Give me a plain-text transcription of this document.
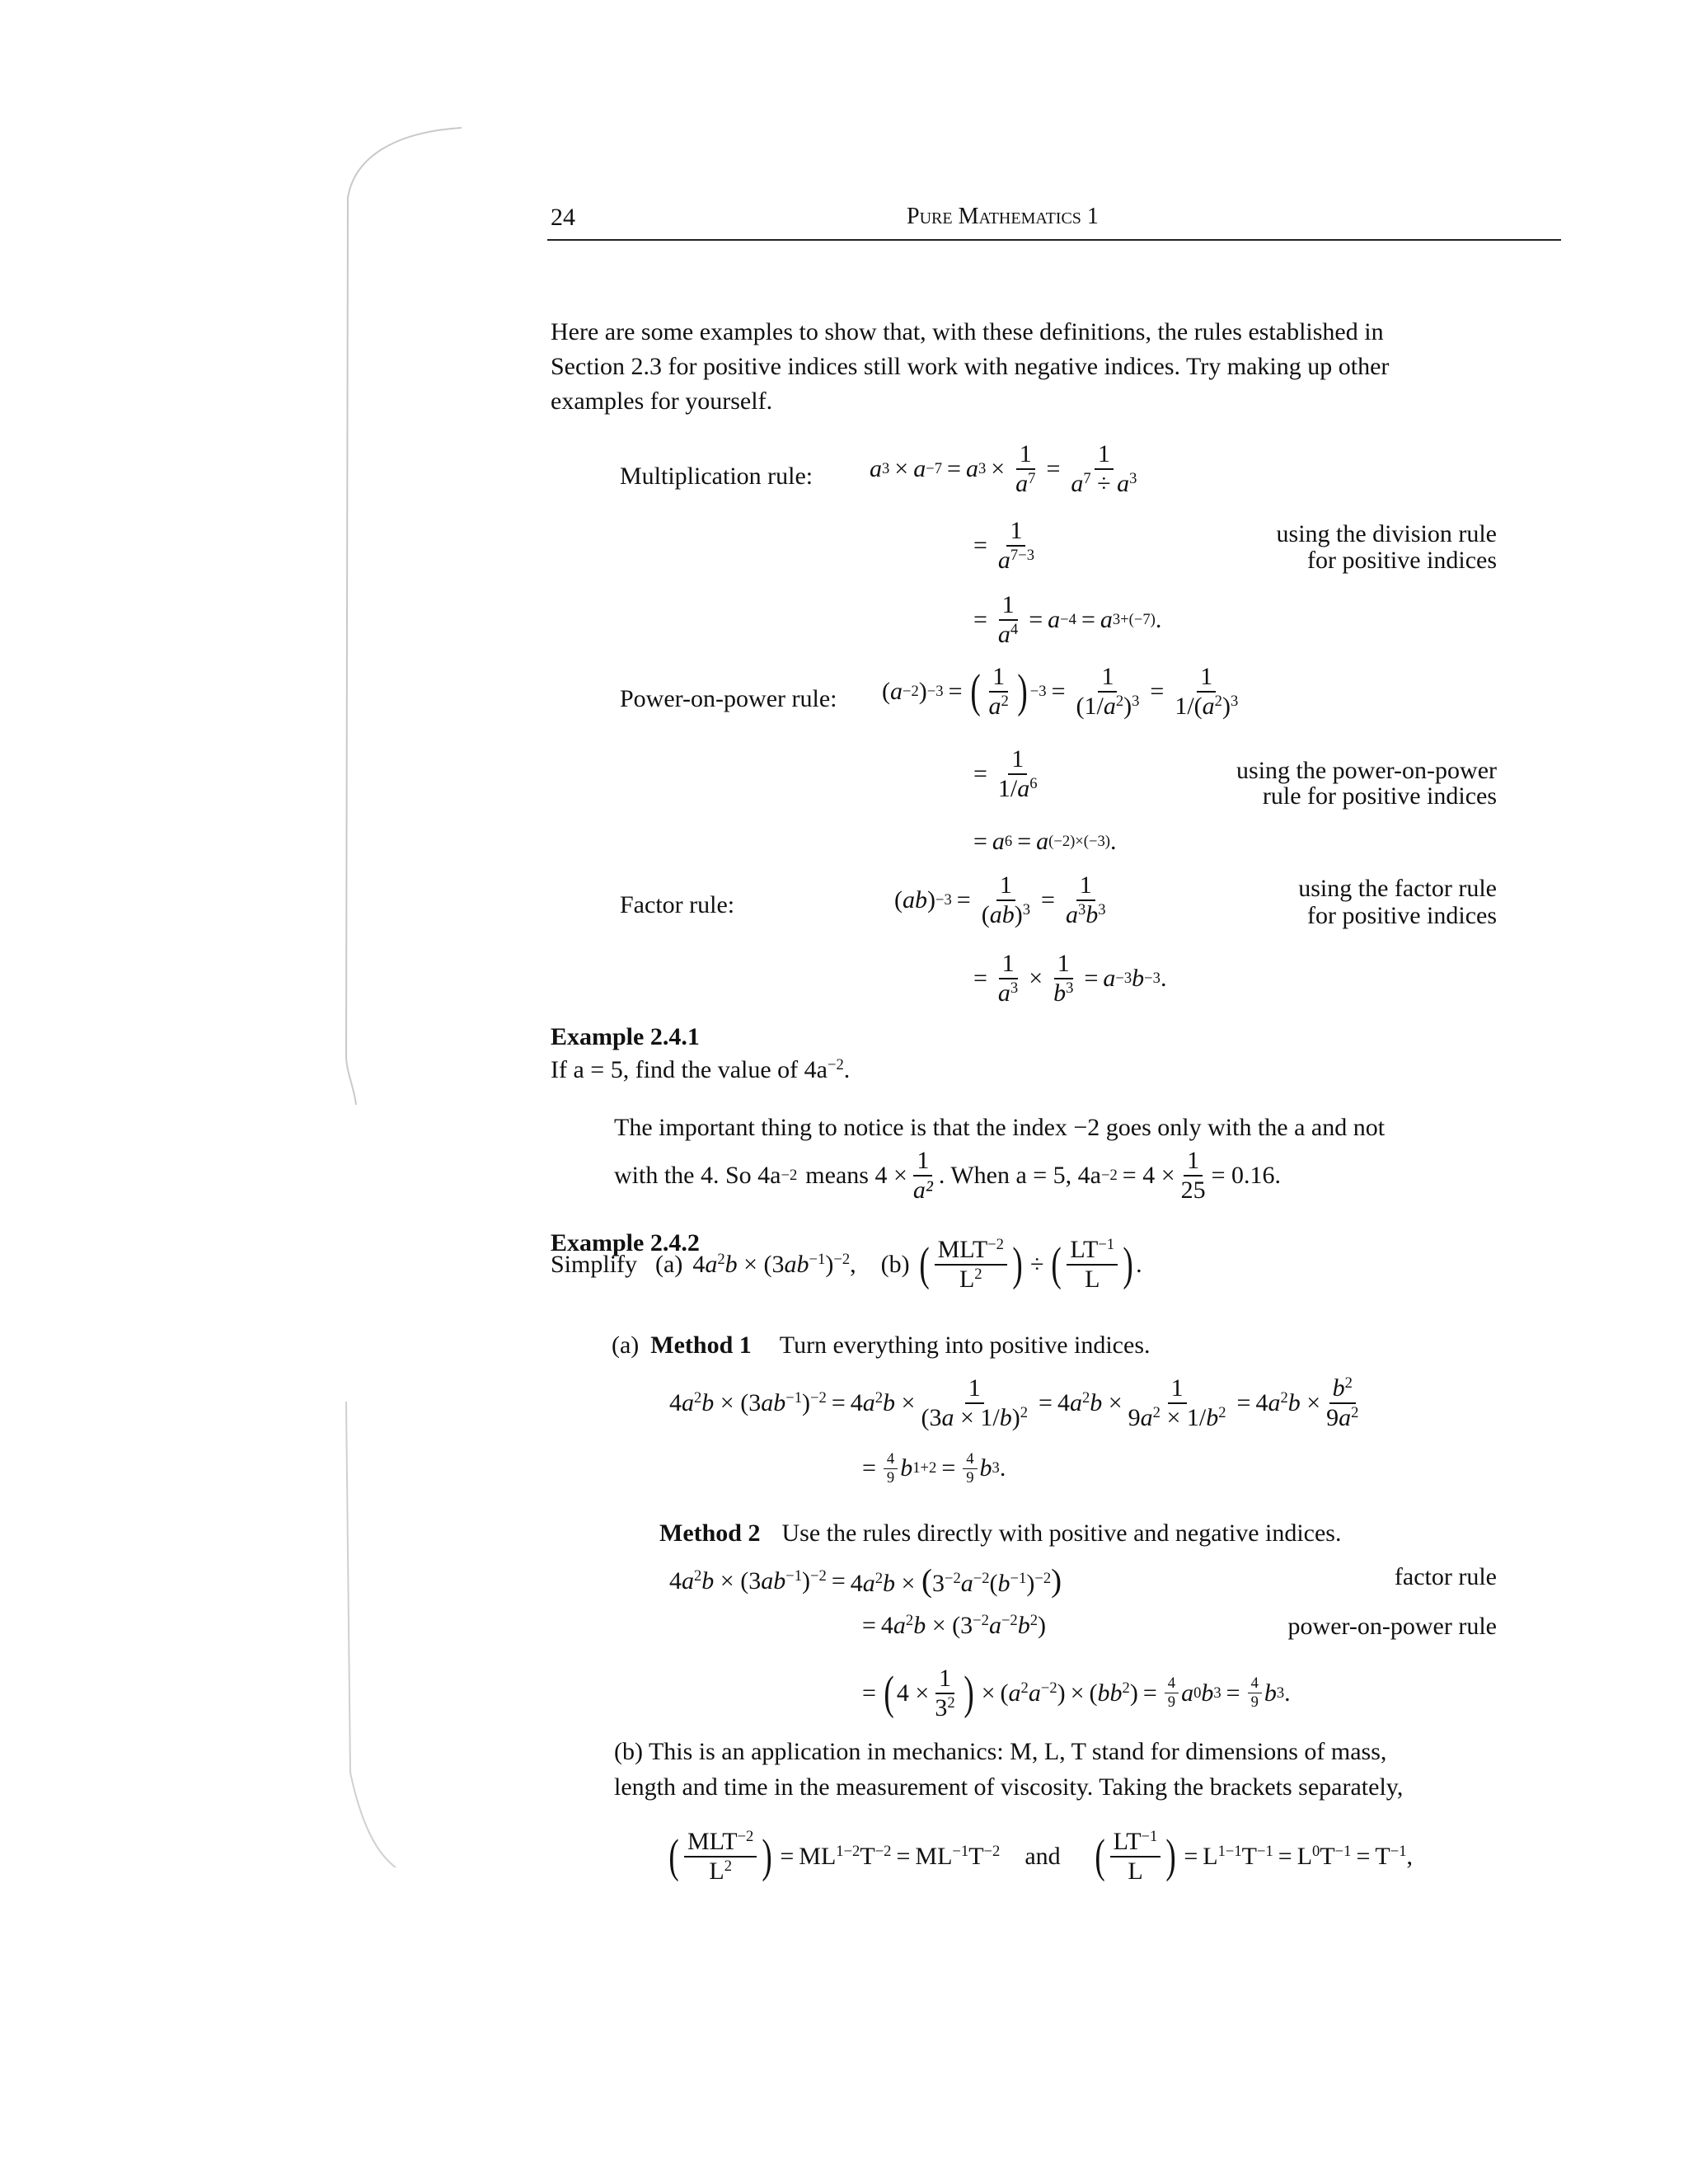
24	Pure Mathematics 1
Here are some examples to show that, with these definitions, the rules established in
Section 2.3 for positive indices still work with negative indices. Try making up other
examples for yourself.
Multiplication rule: a 3 × a −7 = a $3 \times \frac{1}{a^7} = \frac{1}{a^7 \div a^3}$
= $\frac{1}{a^{7-3}}$	using the division rule
for positive indices
= $\frac{1}{a^4} = a -4 = a$ 3+(−7) .
Power-on-power rule: ( a −2 ) −3 = ( $\frac{1}{a^2}$ ) $-3 = \frac{1}{(1/a^2)^3} = \frac{1}{1/(a^2)^3}$
= $\frac{1}{1/a^6}$	using the power-on-power
rule for positive indices
= a 6 = a (−2)×(−3) .
Factor rule:	( ab ) $-3 = \frac{1}{(ab)^3} = \frac{1}{a^3b^3}$	using the factor rule
for positive indices
= $\frac{1}{a^3} \times \frac{1}{b^3} = a -3$ b −3 .
Example 2.4.1
If a = 5, find the value of $4a^{-2}$.
The important thing to notice is that the index −2 goes only with the a and not
with the 4. So 4a −2 means $4 \times \frac{1}{\text{a²}}$ . When a = 5, $4a -2 = 4 \times \frac{1}{25} = 0.16$.
Example 2.4.2
Simplify (a) $4a^2b \times (3ab^{-1})^{-2}$, (b) ( $\frac{MLT^{-2}}{L^2}$ ) ÷ ( $\frac{LT^{-1}}{L}$ ) .
(a) Method 1 Turn everything into positive indices.
$4a^2b \times (3ab^{-1})^{-2} = 4a^2b \times \frac{1}{(3a \times 1/b)^2} = 4a^2b \times \frac{1}{9a^2 \times 1/b^2} = 4a^2b \times \frac{b^2}{9a^2}$
= $\frac{4}{9}$ b $1+2 = \frac{4}{9}$ b 3 .
Method 2 Use the rules directly with positive and negative indices.
$4a^2b \times (3ab^{-1})^{-2} = 4a^2b \times (3^{-2}a^{-2}(b^{-1})^{-2})$	factor rule
= $4a^2b \times (3^{-2}a^{-2}b^2)$	power-on-power rule
= ( $4 \times \frac{1}{3^2}$ ) × $(a^2a^{-2}) \times (bb^2) = \frac{4}{9}$ a 0 b $3 = \frac{4}{9}$ b 3 .
(b) This is an application in mechanics: M, L, T stand for dimensions of mass,
length and time in the measurement of viscosity. Taking the brackets separately,
( $\frac{MLT^{-2}}{L^2}$ ) = $ML^{1-2}T^{-2} = ML^{-1}T^{-2}$ and ( $\frac{LT^{-1}}{L}$ ) = $L^{1-1}T^{-1} = L^0T^{-1} = T^{-1}$,
